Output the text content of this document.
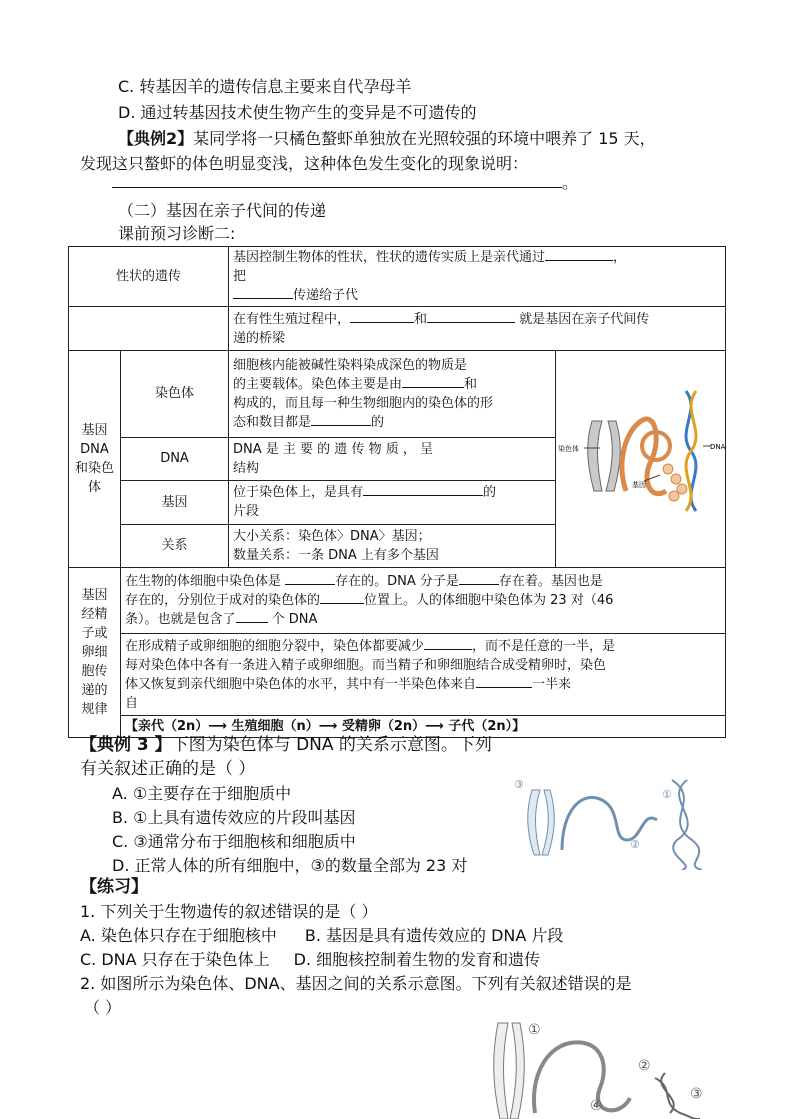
C. 转基因羊的遗传信息主要来自代孕母羊
D. 通过转基因技术使生物产生的变异是不可遗传的
【典例2】某同学将一只橘色螯虾单独放在光照较强的环境中喂养了 15 天，
发现这只螯虾的体色明显变浅，这种体色发生变化的现象说明：
。
（二）基因在亲子代间的传递
课前预习诊断二:
性状的遗传		基因控制生物体的性状，性状的遗传实质上是亲代通过 ，
把
传递给子代	
		在有性生殖过程中， 和 就是基因在亲子代间传
递的桥梁	
基因 DNA 和染色体	染色体	细胞核内能被碱性染料染成深色的物质是
的主要载体。染色体主要是由 和
构成的，而且每一种生物细胞内的染色体的形
态和数目都是 的	染色体 DNA
基因

	DNA	DNA 是 主 要 的 遗 传 物 质 ， 呈
结构	
	基因	位于染色体上，是具有 的
片段	
	关系	大小关系：染色体〉DNA〉基因；
数量关系：一条 DNA 上有多个基因	
基因经精子或卵细胞传递的规律	在生物的体细胞中染色体是 存在的。DNA 分子是 存在着。基因也是
存在的，分别位于成对的染色体的 位置上。人的体细胞中染色体为 23 对（46
条）。也就是包含了 个 DNA		
	在形成精子或卵细胞的细胞分裂中，染色体都要减少 ，而不是任意的一半，是
每对染色体中各有一条进入精子或卵细胞。而当精子和卵细胞结合成受精卵时，染色
体又恢复到亲代细胞中染色体的水平，其中有一半染色体来自 一半来
自		
	【亲代（2n）⟶ 生殖细胞（n）⟶ 受精卵（2n）⟶ 子代（2n）】		
【典例 3 】下图为染色体与 DNA 的关系示意图。下列
有关叙述正确的是（ ）
A. ①主要存在于细胞质中
B. ①上具有遗传效应的片段叫基因
C. ③通常分布于细胞核和细胞质中
D. 正常人体的所有细胞中，③的数量全部为 23 对
③
①
②
【练习】
1. 下列关于生物遗传的叙述错误的是（ ）
A. 染色体只存在于细胞核中 B. 基因是具有遗传效应的 DNA 片段
C. DNA 只存在于染色体上 D. 细胞核控制着生物的发育和遗传
2. 如图所示为染色体、DNA、基因之间的关系示意图。下列有关叙述错误的是
（ ）
①
②
③
④
